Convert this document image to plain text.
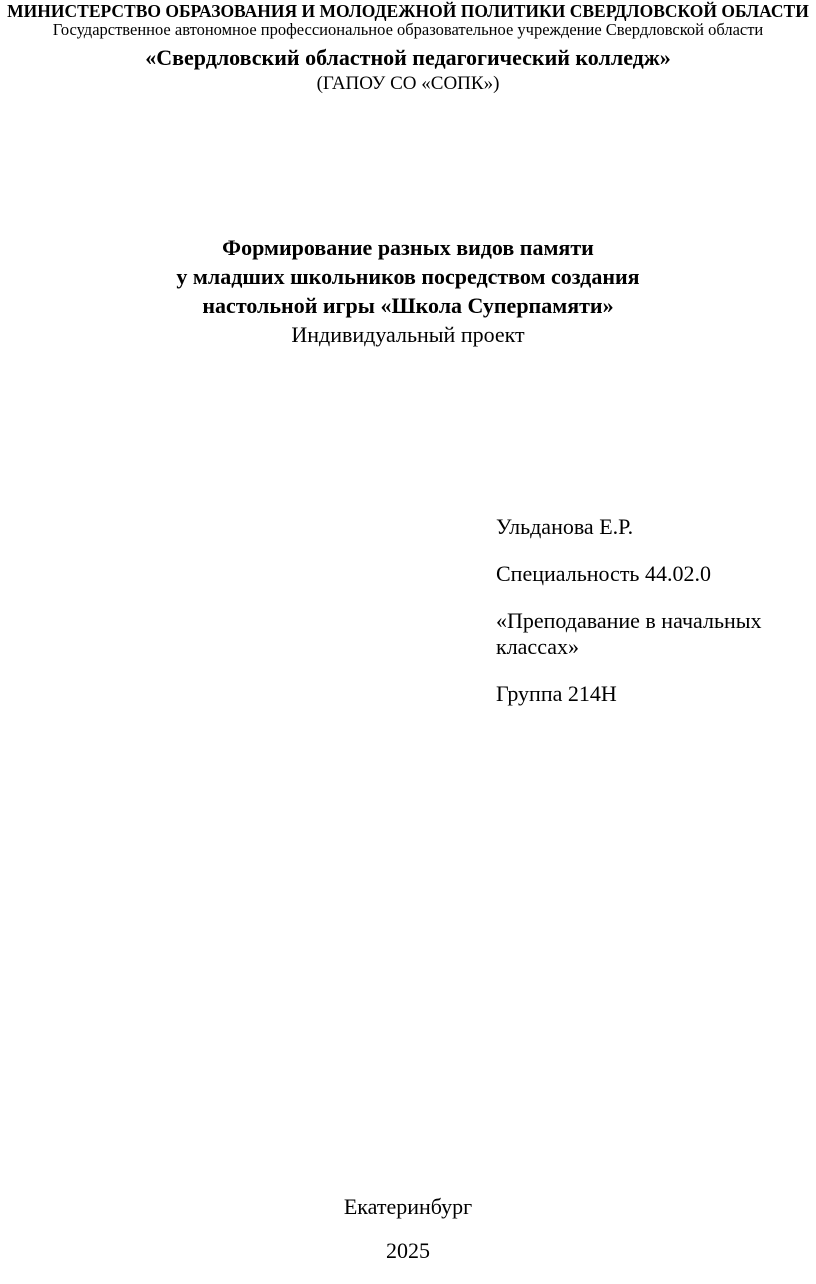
МИНИСТЕРСТВО ОБРАЗОВАНИЯ И МОЛОДЕЖНОЙ ПОЛИТИКИ СВЕРДЛОВСКОЙ ОБЛАСТИ
Государственное автономное профессиональное образовательное учреждение Свердловской области
«Свердловский областной педагогический колледж»
(ГАПОУ СО «СОПК»)
Формирование разных видов памяти
у младших школьников посредством создания
настольной игры «Школа Суперпамяти»
Индивидуальный проект

Ульданова Е.Р.

Специальность 44.02.0

«Преподавание в начальных классах»

Группа 214Н

Екатеринбург
2025
